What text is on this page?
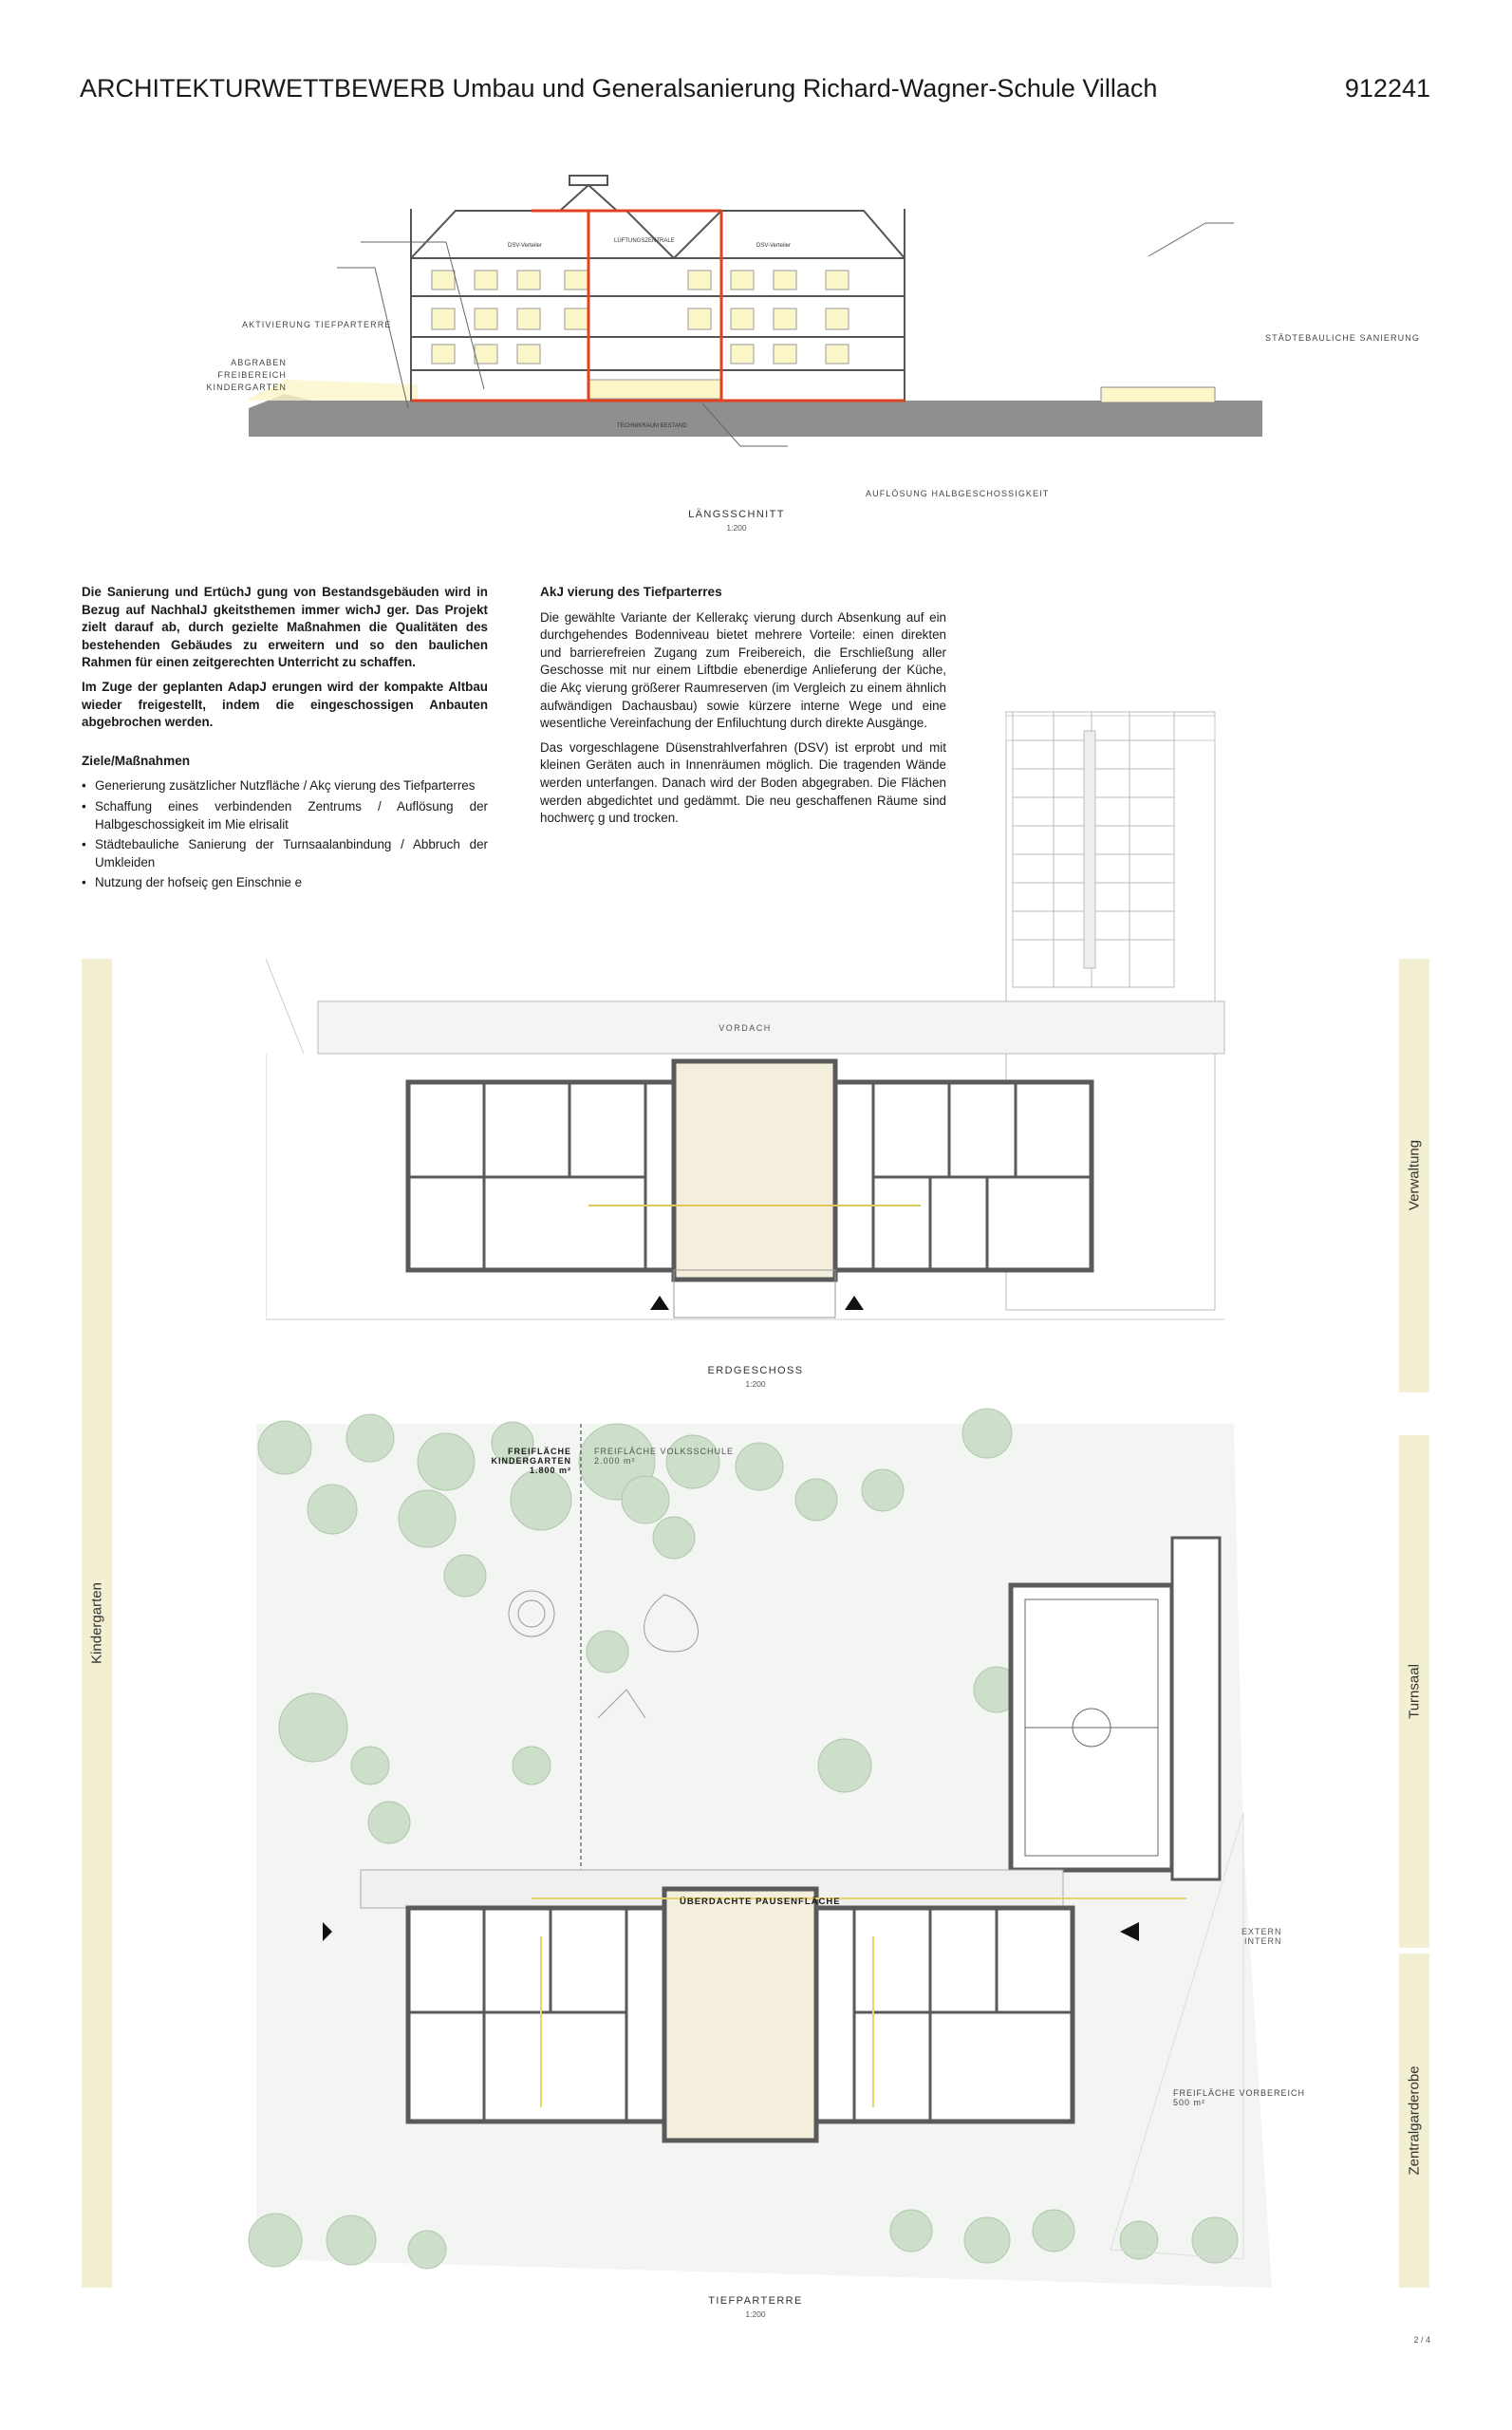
ARCHITEKTURWETTBEWERB Umbau und Generalsanierung Richard-Wagner-Schule Villach	912241
DSV-Verteiler
LÜFTUNGSZENTRALE
DSV-Verteiler
TECHNIKRAUM BESTAND
AKTIVIERUNG TIEFPARTERRE
ABGRABEN FREIBEREICH
KINDERGARTEN
STÄDTEBAULICHE SANIERUNG
AUFLÖSUNG HALBGESCHOSSIGKEIT
LÄNGSSCHNITT
1:200

Die Sanierung und ErtüchJ gung von Bestandsgebäuden wird in Bezug auf NachhalJ gkeitsthemen immer wichJ ger. Das Projekt zielt darauf ab, durch gezielte Maßnahmen die Qualitäten des bestehenden Gebäudes zu erweitern und so den baulichen Rahmen für einen zeitgerechten Unterricht zu schaffen.

Im Zuge der geplanten AdapJ erungen wird der kompakte Altbau wieder freigestellt, indem die eingeschossigen Anbauten abgebrochen werden.

Ziele/Maßnahmen
• Generierung zusätzlicher Nutzfläche / Akç vierung des Tiefparterres
• Schaffung eines verbindenden Zentrums / Auflösung der Halbgeschossigkeit im Mie elrisalit
• Städtebauliche Sanierung der Turnsaalanbindung / Abbruch der Umkleiden
• Nutzung der hofseiç gen Einschnie e
AkJ vierung des Tiefparterres

Die gewählte Variante der Kellerakç vierung durch Absenkung auf ein durchgehendes Bodenniveau bietet mehrere Vorteile: einen direkten und barrierefreien Zugang zum Freibereich, die Erschließung aller Geschosse mit nur einem Liftbdie ebenerdige Anlieferung der Küche, die Akç vierung größerer Raumreserven (im Vergleich zu einem ähnlich aufwändigen Dachausbau) sowie kürzere interne Wege und eine wesentliche Vereinfachung der Enfiluchtung durch direkte Ausgänge.

Das vorgeschlagene Düsenstrahlverfahren (DSV) ist erprobt und mit kleinen Geräten auch in Innenräumen möglich. Die tragenden Wände werden unterfangen. Danach wird der Boden abgegraben. Die Flächen werden abgedichtet und gedämmt. Die neu geschaffenen Räume sind hochwerç g und trocken.

Kindergarten
Verwaltung
Turnsaal
Zentralgarderobe
VORDACH
ERDGESCHOSS
1:200
FREIFLÄCHE KINDERGARTEN
1.800 m²
FREIFLÄCHE VOLKSSCHULE
2.000 m²
ÜBERDACHTE PAUSENFLÄCHE
EXTERN
INTERN
FREIFLÄCHE VORBEREICH
500 m²
TIEFPARTERRE
1:200
2 / 4
